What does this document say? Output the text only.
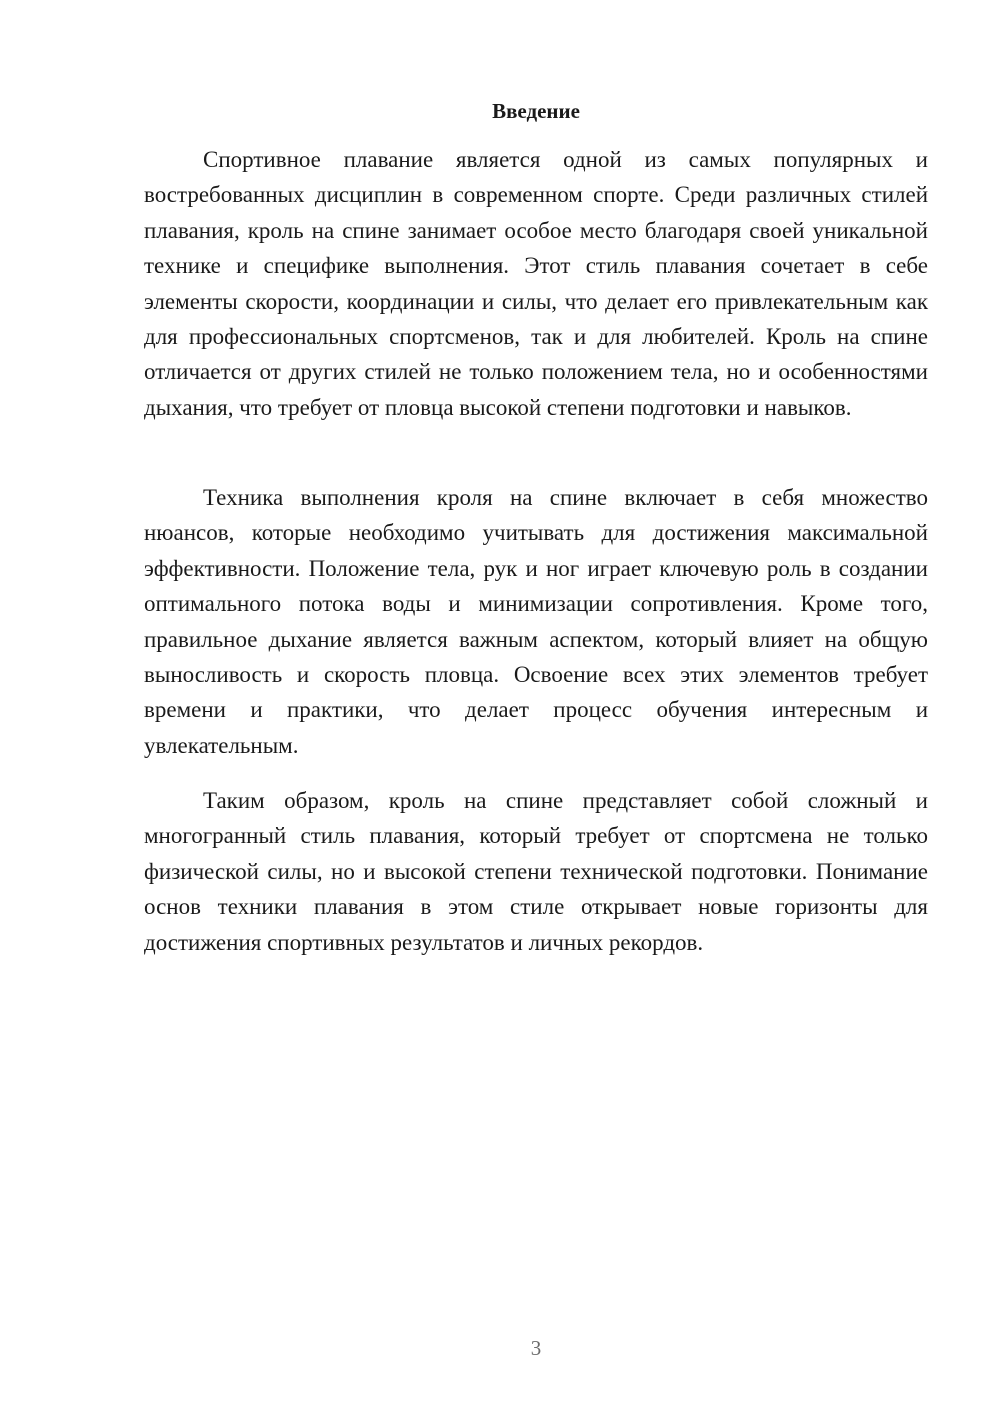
Введение

Спортивное плавание является одной из самых популярных и востребованных дисциплин в современном спорте. Среди различных стилей плавания, кроль на спине занимает особое место благодаря своей уникальной технике и специфике выполнения. Этот стиль плавания сочетает в себе элементы скорости, координации и силы, что делает его привлекательным как для профессиональных спортсменов, так и для любителей. Кроль на спине отличается от других стилей не только положением тела, но и особенностями дыхания, что требует от пловца высокой степени подготовки и навыков.

Техника выполнения кроля на спине включает в себя множество нюансов, которые необходимо учитывать для достижения максимальной эффективности. Положение тела, рук и ног играет ключевую роль в создании оптимального потока воды и минимизации сопротивления. Кроме того, правильное дыхание является важным аспектом, который влияет на общую выносливость и скорость пловца. Освоение всех этих элементов требует времени и практики, что делает процесс обучения интересным и увлекательным.

Таким образом, кроль на спине представляет собой сложный и многогранный стиль плавания, который требует от спортсмена не только физической силы, но и высокой степени технической подготовки. Понимание основ техники плавания в этом стиле открывает новые горизонты для достижения спортивных результатов и личных рекордов.

3
